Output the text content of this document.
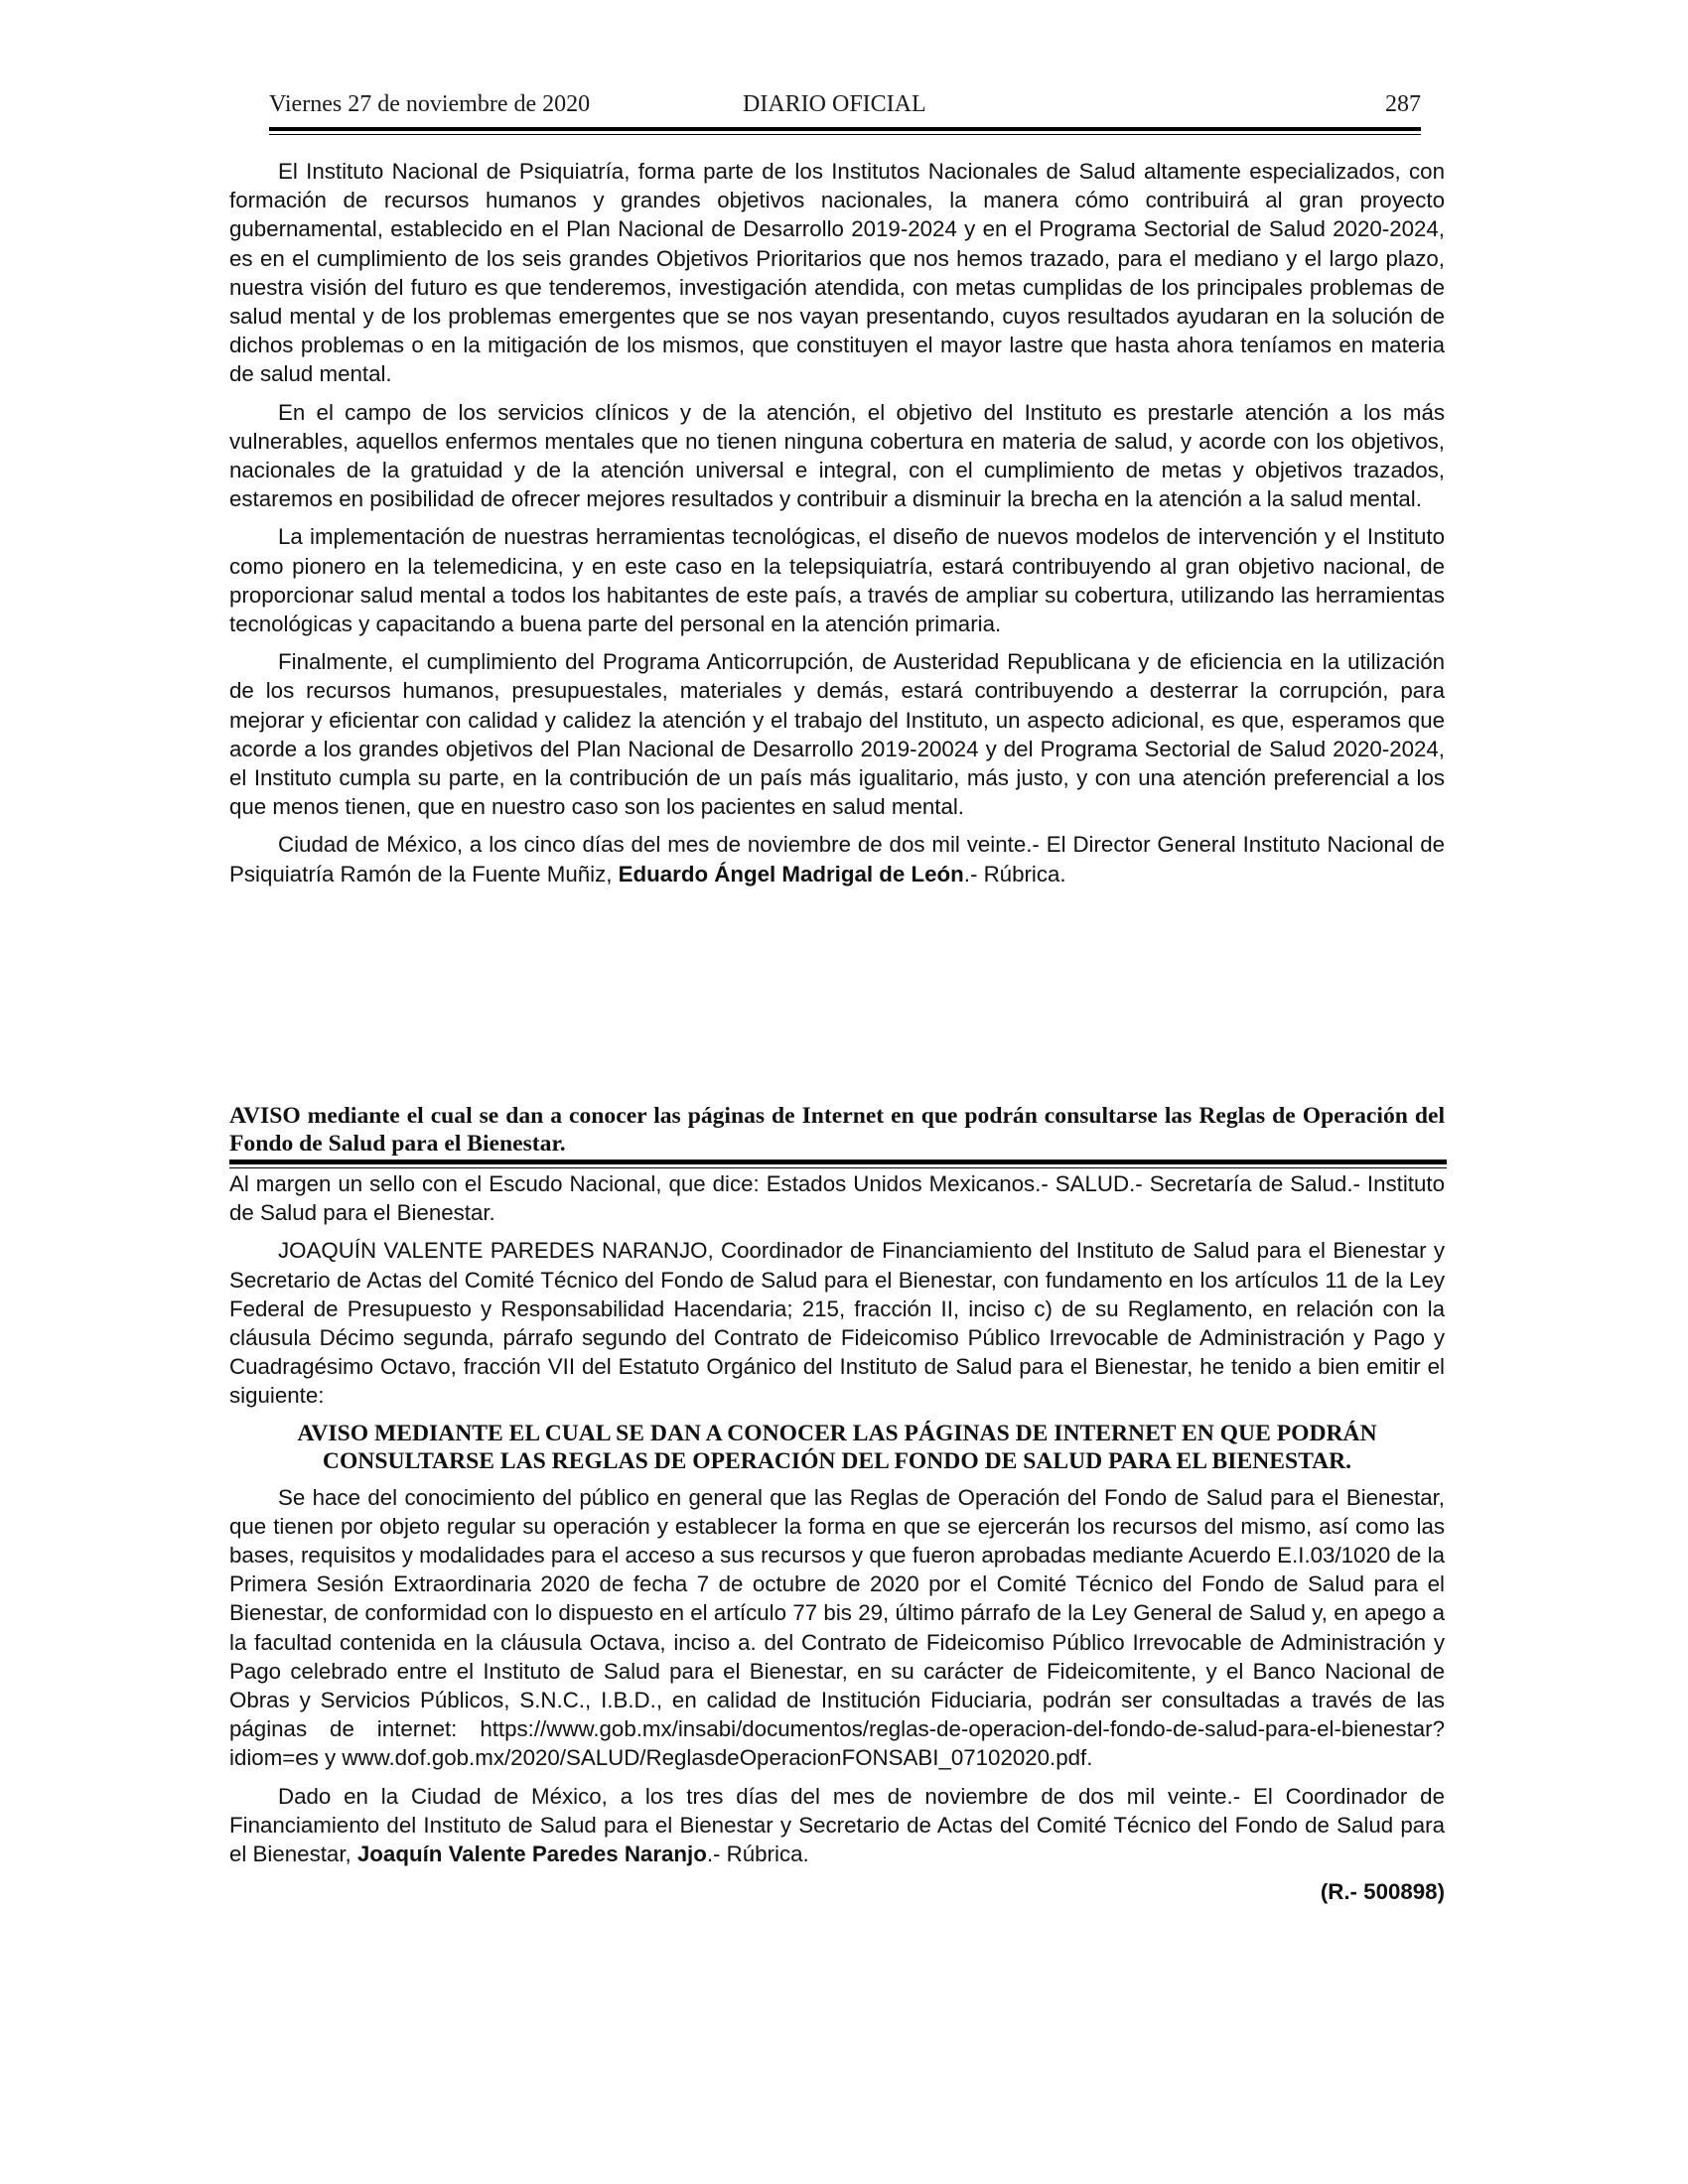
Viernes 27 de noviembre de 2020	DIARIO OFICIAL	287

El Instituto Nacional de Psiquiatría, forma parte de los Institutos Nacionales de Salud altamente especializados, con formación de recursos humanos y grandes objetivos nacionales, la manera cómo contribuirá al gran proyecto gubernamental, establecido en el Plan Nacional de Desarrollo 2019-2024 y en el Programa Sectorial de Salud 2020-2024, es en el cumplimiento de los seis grandes Objetivos Prioritarios que nos hemos trazado, para el mediano y el largo plazo, nuestra visión del futuro es que tenderemos, investigación atendida, con metas cumplidas de los principales problemas de salud mental y de los problemas emergentes que se nos vayan presentando, cuyos resultados ayudaran en la solución de dichos problemas o en la mitigación de los mismos, que constituyen el mayor lastre que hasta ahora teníamos en materia de salud mental.

En el campo de los servicios clínicos y de la atención, el objetivo del Instituto es prestarle atención a los más vulnerables, aquellos enfermos mentales que no tienen ninguna cobertura en materia de salud, y acorde con los objetivos, nacionales de la gratuidad y de la atención universal e integral, con el cumplimiento de metas y objetivos trazados, estaremos en posibilidad de ofrecer mejores resultados y contribuir a disminuir la brecha en la atención a la salud mental.

La implementación de nuestras herramientas tecnológicas, el diseño de nuevos modelos de intervención y el Instituto como pionero en la telemedicina, y en este caso en la telepsiquiatría, estará contribuyendo al gran objetivo nacional, de proporcionar salud mental a todos los habitantes de este país, a través de ampliar su cobertura, utilizando las herramientas tecnológicas y capacitando a buena parte del personal en la atención primaria.

Finalmente, el cumplimiento del Programa Anticorrupción, de Austeridad Republicana y de eficiencia en la utilización de los recursos humanos, presupuestales, materiales y demás, estará contribuyendo a desterrar la corrupción, para mejorar y eficientar con calidad y calidez la atención y el trabajo del Instituto, un aspecto adicional, es que, esperamos que acorde a los grandes objetivos del Plan Nacional de Desarrollo 2019-20024 y del Programa Sectorial de Salud 2020-2024, el Instituto cumpla su parte, en la contribución de un país más igualitario, más justo, y con una atención preferencial a los que menos tienen, que en nuestro caso son los pacientes en salud mental.

Ciudad de México, a los cinco días del mes de noviembre de dos mil veinte.- El Director General Instituto Nacional de Psiquiatría Ramón de la Fuente Muñiz, Eduardo Ángel Madrigal de León.- Rúbrica.

AVISO mediante el cual se dan a conocer las páginas de Internet en que podrán consultarse las Reglas de Operación del Fondo de Salud para el Bienestar.

Al margen un sello con el Escudo Nacional, que dice: Estados Unidos Mexicanos.- SALUD.- Secretaría de Salud.- Instituto de Salud para el Bienestar.

JOAQUÍN VALENTE PAREDES NARANJO, Coordinador de Financiamiento del Instituto de Salud para el Bienestar y Secretario de Actas del Comité Técnico del Fondo de Salud para el Bienestar, con fundamento en los artículos 11 de la Ley Federal de Presupuesto y Responsabilidad Hacendaria; 215, fracción II, inciso c) de su Reglamento, en relación con la cláusula Décimo segunda, párrafo segundo del Contrato de Fideicomiso Público Irrevocable de Administración y Pago y Cuadragésimo Octavo, fracción VII del Estatuto Orgánico del Instituto de Salud para el Bienestar, he tenido a bien emitir el siguiente:

AVISO MEDIANTE EL CUAL SE DAN A CONOCER LAS PÁGINAS DE INTERNET EN QUE PODRÁN
CONSULTARSE LAS REGLAS DE OPERACIÓN DEL FONDO DE SALUD PARA EL BIENESTAR.

Se hace del conocimiento del público en general que las Reglas de Operación del Fondo de Salud para el Bienestar, que tienen por objeto regular su operación y establecer la forma en que se ejercerán los recursos del mismo, así como las bases, requisitos y modalidades para el acceso a sus recursos y que fueron aprobadas mediante Acuerdo E.I.03/1020 de la Primera Sesión Extraordinaria 2020 de fecha 7 de octubre de 2020 por el Comité Técnico del Fondo de Salud para el Bienestar, de conformidad con lo dispuesto en el artículo 77 bis 29, último párrafo de la Ley General de Salud y, en apego a la facultad contenida en la cláusula Octava, inciso a. del Contrato de Fideicomiso Público Irrevocable de Administración y Pago celebrado entre el Instituto de Salud para el Bienestar, en su carácter de Fideicomitente, y el Banco Nacional de Obras y Servicios Públicos, S.N.C., I.B.D., en calidad de Institución Fiduciaria, podrán ser consultadas a través de las páginas de internet: https://www.gob.mx/insabi/documentos/reglas-de-operacion-del-fondo-de-salud-para-el-bienestar?idiom=es y www.dof.gob.mx/2020/SALUD/ReglasdeOperacionFONSABI_07102020.pdf.

Dado en la Ciudad de México, a los tres días del mes de noviembre de dos mil veinte.- El Coordinador de Financiamiento del Instituto de Salud para el Bienestar y Secretario de Actas del Comité Técnico del Fondo de Salud para el Bienestar, Joaquín Valente Paredes Naranjo.- Rúbrica.

(R.- 500898)
